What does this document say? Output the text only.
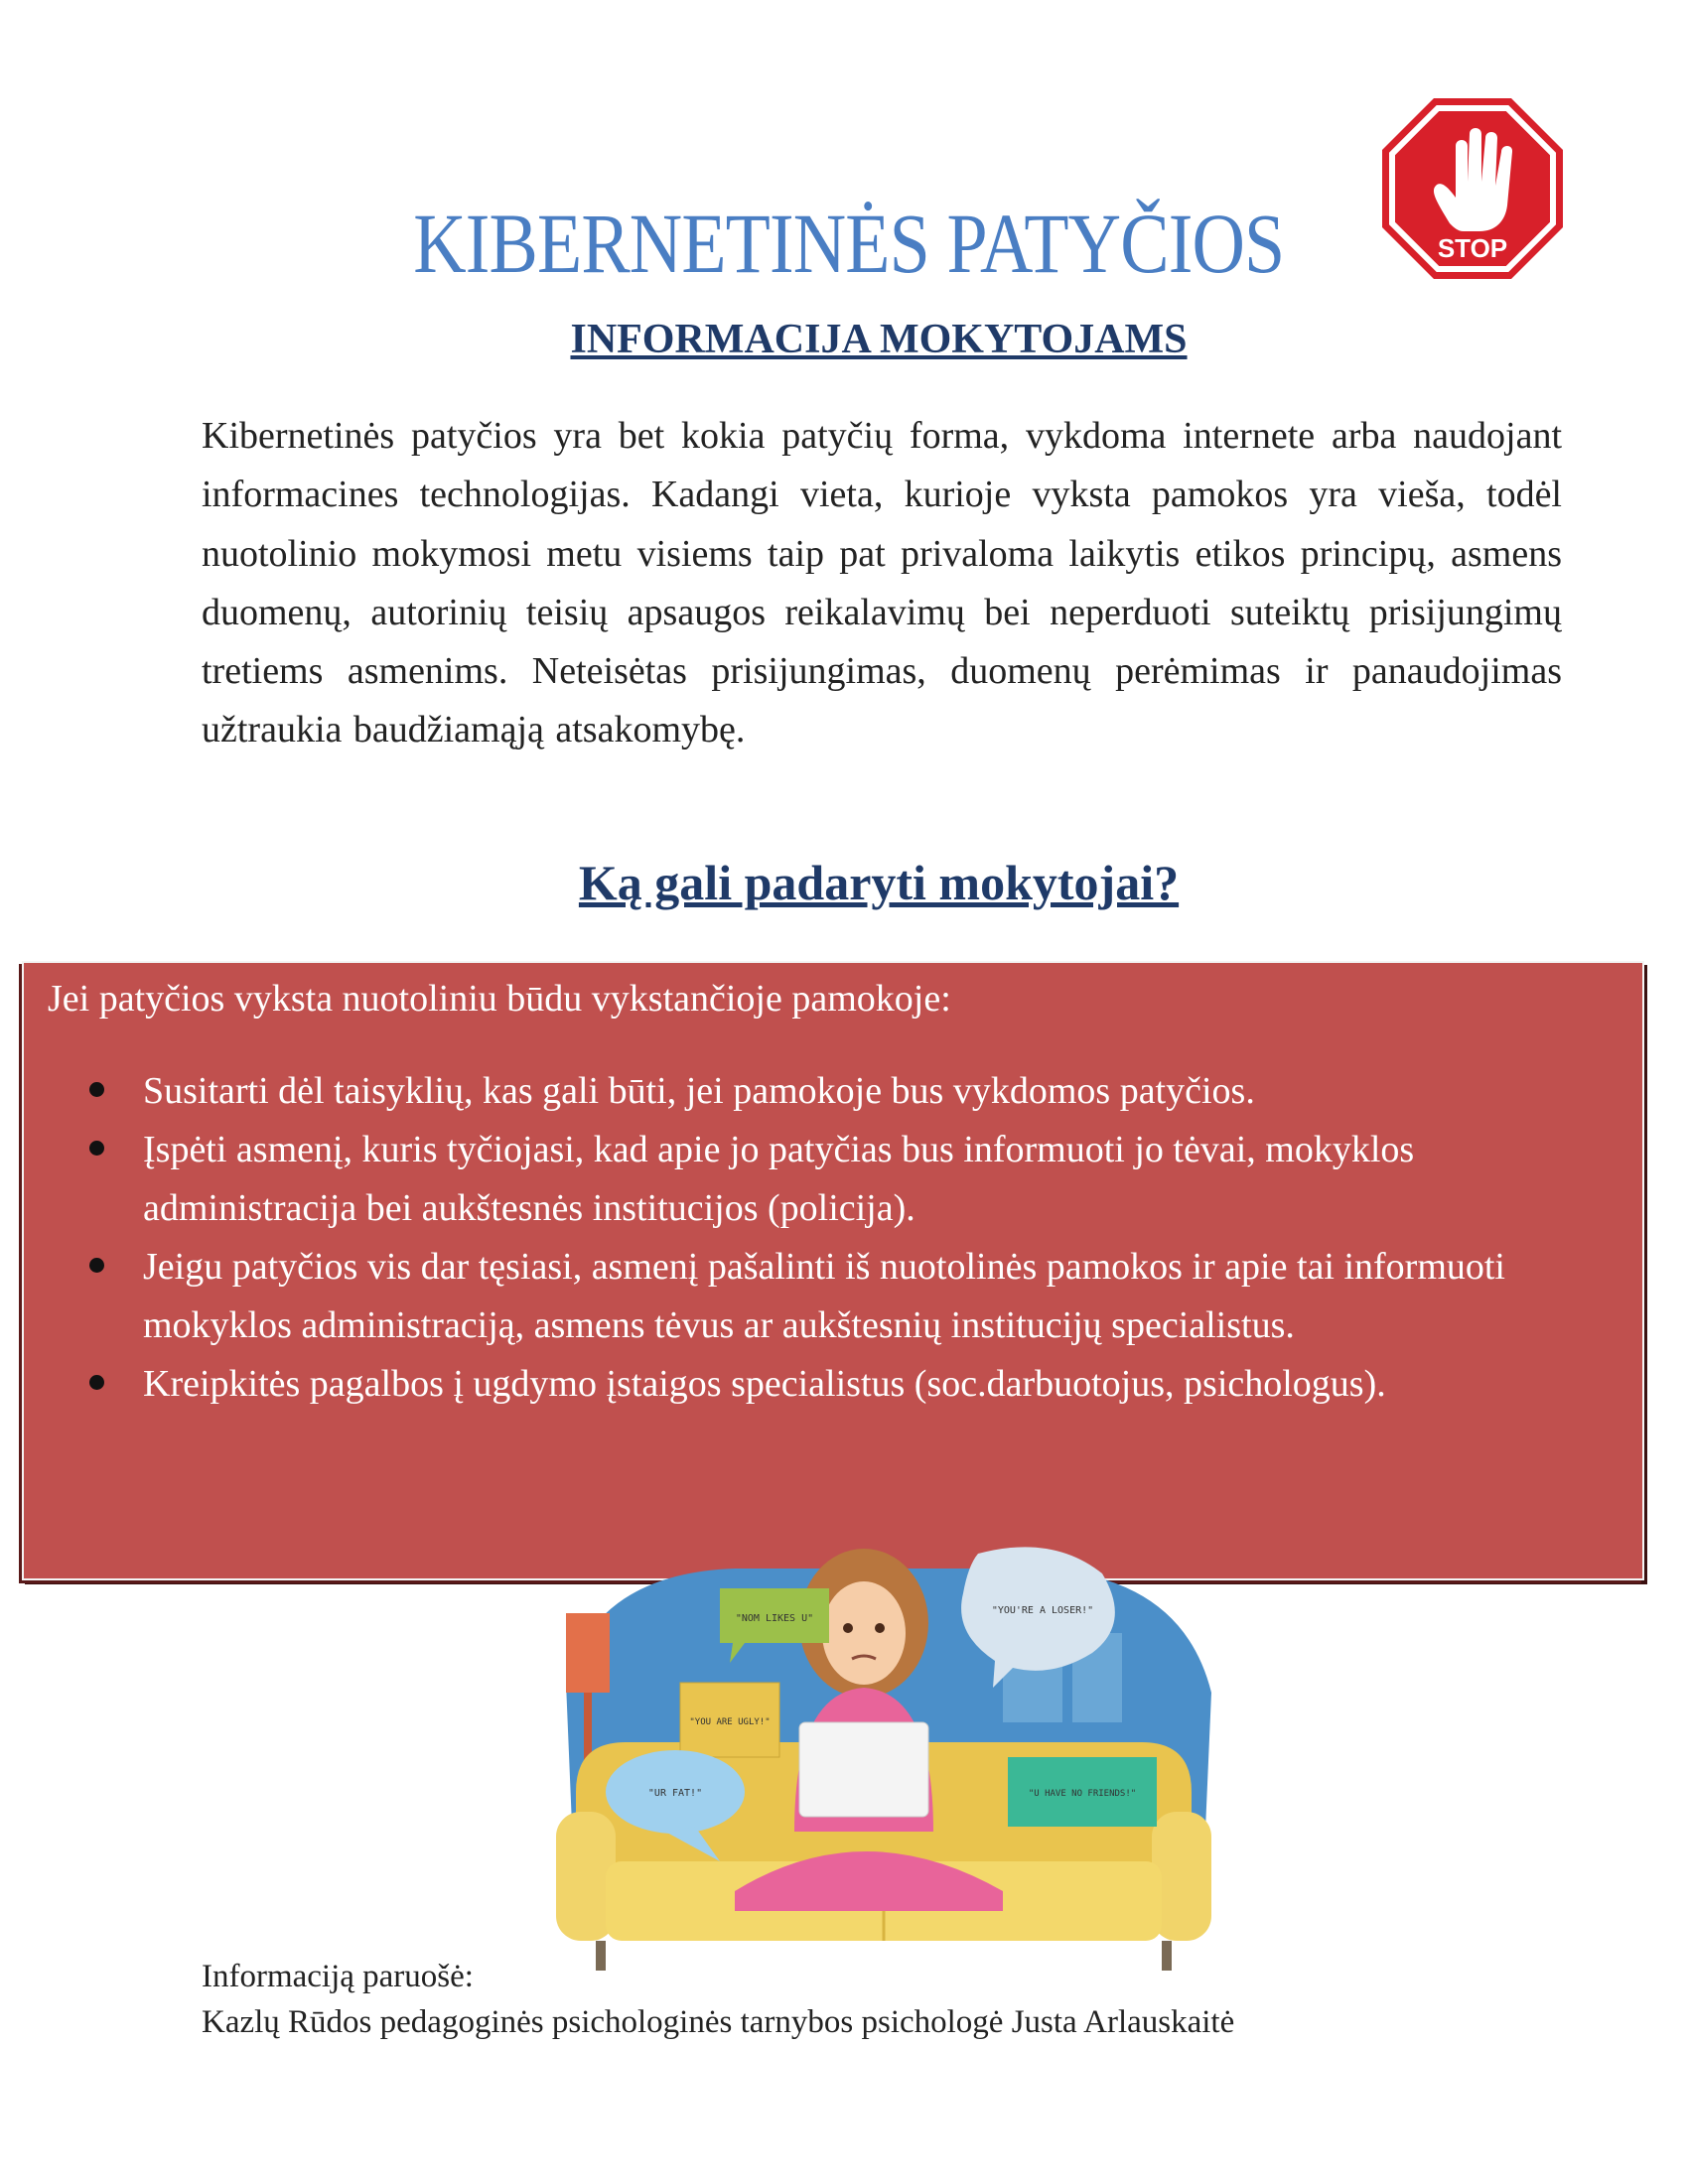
KIBERNETINĖS PATYČIOS	STOP
INFORMACIJA MOKYTOJAMS
Kibernetinės patyčios yra bet kokia patyčių forma, vykdoma internete arba naudojant informacines technologijas. Kadangi vieta, kurioje vyksta pamokos yra vieša, todėl nuotolinio mokymosi metu visiems taip pat privaloma laikytis etikos principų, asmens duomenų, autorinių teisių apsaugos reikalavimų bei neperduoti suteiktų prisijungimų tretiems asmenims. Neteisėtas prisijungimas, duomenų perėmimas ir panaudojimas užtraukia baudžiamąją atsakomybę.
Ką gali padaryti mokytojai?
Jei patyčios vyksta nuotoliniu būdu vykstančioje pamokoje:
Susitarti dėl taisyklių, kas gali būti, jei pamokoje bus vykdomos patyčios.
Įspėti asmenį, kuris tyčiojasi, kad apie jo patyčias bus informuoti jo tėvai, mokyklos administracija bei aukštesnės institucijos (policija).
Jeigu patyčios vis dar tęsiasi, asmenį pašalinti iš nuotolinės pamokos ir apie tai informuoti mokyklos administraciją, asmens tėvus ar aukštesnių institucijų specialistus.
Kreipkitės pagalbos į ugdymo įstaigos specialistus (soc.darbuotojus, psichologus).
"NOM LIKES U"
"YOU'RE A LOSER!"
"YOU ARE UGLY!"
"UR FAT!"	"U HAVE NO FRIENDS!"
Informaciją paruošė:
Kazlų Rūdos pedagoginės psichologinės tarnybos psichologė Justa Arlauskaitė
